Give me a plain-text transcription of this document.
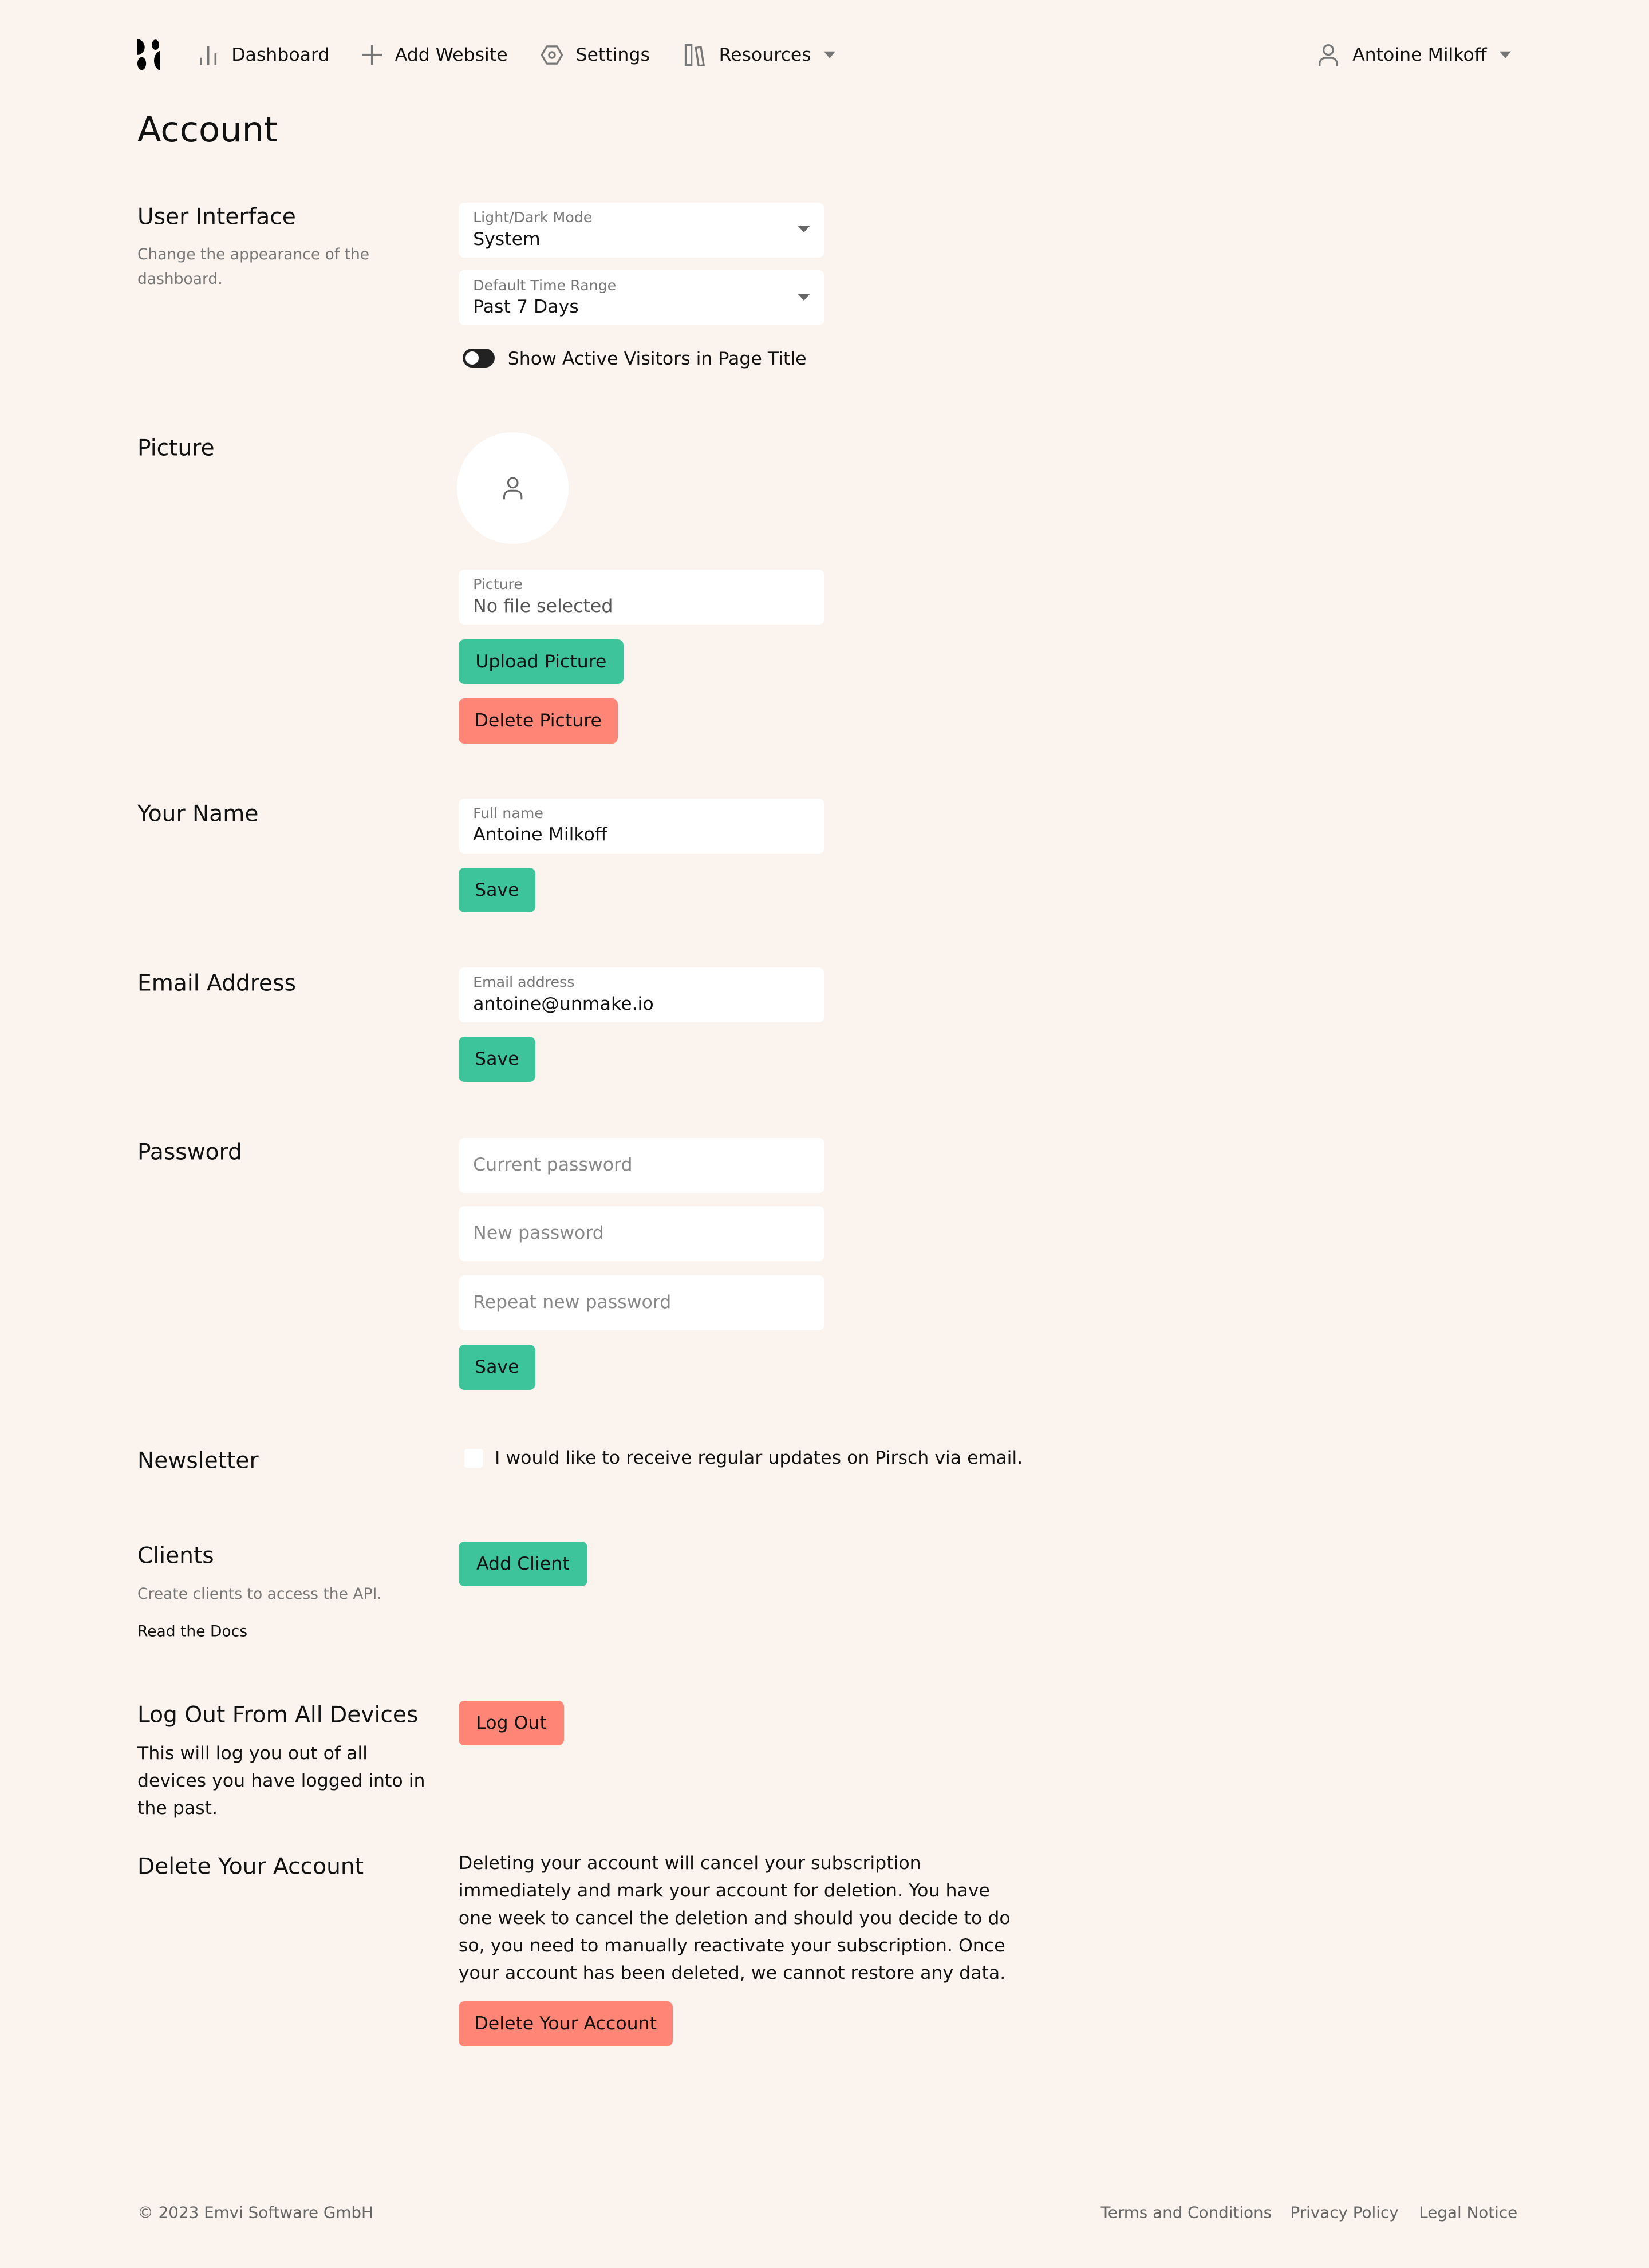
Dashboard	Add Website	Settings	Resources	Antoine Milkoff
Account
User Interface
Change the appearance of the dashboard.
Light/Dark Mode
System
Default Time Range
Past 7 Days
Show Active Visitors in Page Title
Picture
Picture
No file selected
Upload Picture
Delete Picture
Your Name	Full name
Antoine Milkoff
Save
Email Address	Email address
antoine@unmake.io
Save
Password	Current password
New password
Repeat new password
Save
Newsletter	I would like to receive regular updates on Pirsch via email.
Clients
Create clients to access the API.
Read the Docs
Add Client
Log Out From All Devices
This will log you out of all devices you have logged into in the past.
Log Out
Delete Your Account	Deleting your account will cancel your subscription immediately and mark your account for deletion. You have one week to cancel the deletion and should you decide to do so, you need to manually reactivate your subscription. Once your account has been deleted, we cannot restore any data.
Delete Your Account
© 2023 Emvi Software GmbH	Terms and Conditions	Privacy Policy	Legal Notice
